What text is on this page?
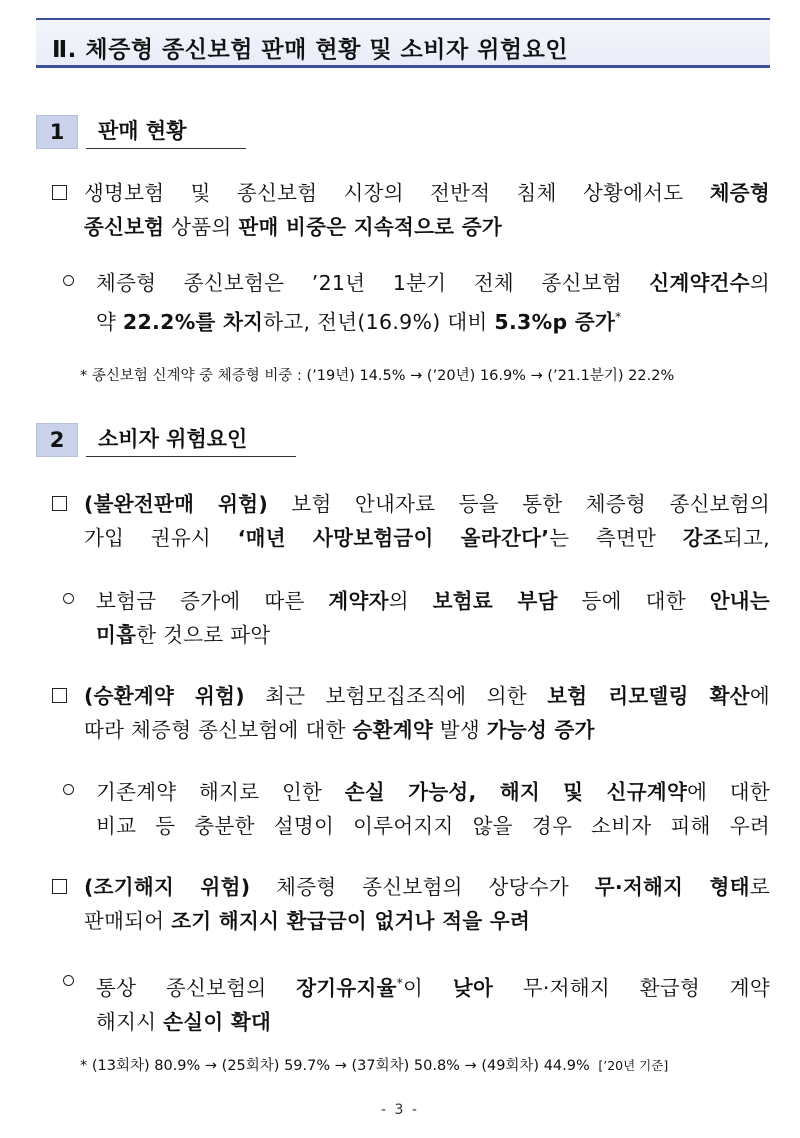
Ⅱ. 체증형 종신보험 판매 현황 및 소비자 위험요인
1	판매 현황
생명보험 및 종신보험 시장의 전반적 침체 상황에서도 체증형
종신보험 상품의 판매 비중은 지속적으로 증가
체증형 종신보험은 ’21년 1분기 전체 종신보험 신계약건수의
약 22.2%를 차지하고, 전년(16.9%) 대비 5.3%p 증가*
* 종신보험 신계약 중 체증형 비중 : (’19년) 14.5% → (’20년) 16.9% → (’21.1분기) 22.2%
2	소비자 위험요인
(불완전판매 위험) 보험 안내자료 등을 통한 체증형 종신보험의
가입 권유시 ‘매년 사망보험금이 올라간다’는 측면만 강조되고,
보험금 증가에 따른 계약자의 보험료 부담 등에 대한 안내는
미흡한 것으로 파악
(승환계약 위험) 최근 보험모집조직에 의한 보험 리모델링 확산에
따라 체증형 종신보험에 대한 승환계약 발생 가능성 증가
기존계약 해지로 인한 손실 가능성, 해지 및 신규계약에 대한
비교 등 충분한 설명이 이루어지지 않을 경우 소비자 피해 우려
(조기해지 위험) 체증형 종신보험의 상당수가 무·저해지 형태로
판매되어 조기 해지시 환급금이 없거나 적을 우려
통상 종신보험의 장기유지율*이 낮아 무·저해지 환급형 계약
해지시 손실이 확대
* (13회차) 80.9% → (25회차) 59.7% → (37회차) 50.8% → (49회차) 44.9% [’20년 기준]
- 3 -
